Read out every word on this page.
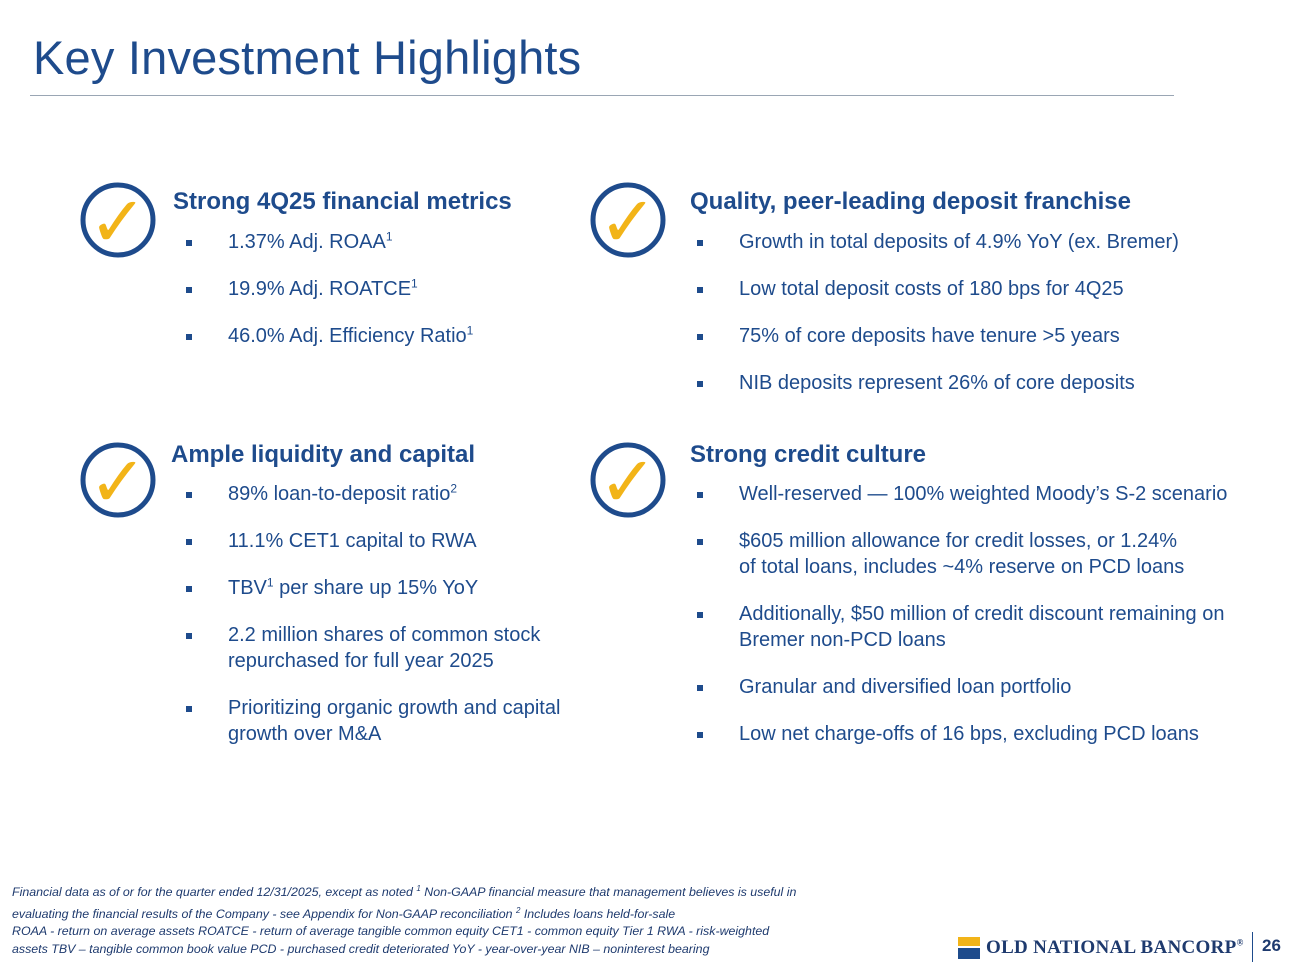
Key Investment Highlights
✓ Strong 4Q25 financial metrics
1.37% Adj. ROAA$^1$
19.9% Adj. ROATCE$^1$
46.0% Adj. Efficiency Ratio$^1$
✓ Quality, peer-leading deposit franchise
Growth in total deposits of 4.9% YoY (ex. Bremer)
Low total deposit costs of 180 bps for 4Q25
75% of core deposits have tenure >5 years
NIB deposits represent 26% of core deposits
✓ Ample liquidity and capital
89% loan-to-deposit ratio$^2$
11.1% CET1 capital to RWA
TBV$^1$ per share up 15% YoY
2.2 million shares of common stock
repurchased for full year 2025
Prioritizing organic growth and capital
growth over M&A
✓ Strong credit culture
Well-reserved — 100% weighted Moody’s S-2 scenario
$605 million allowance for credit losses, or 1.24%
of total loans, includes ~4% reserve on PCD loans
Additionally, $50 million of credit discount remaining on
Bremer non-PCD loans
Granular and diversified loan portfolio
Low net charge-offs of 16 bps, excluding PCD loans

Financial data as of or for the quarter ended 12/31/2025, except as noted $^1$ Non-GAAP financial measure that management believes is useful in

evaluating the financial results of the Company - see Appendix for Non-GAAP reconciliation $^2$ Includes loans held-for-sale

ROAA - return on average assets ROATCE - return of average tangible common equity CET1 - common equity Tier 1 RWA - risk-weighted

assets TBV – tangible common book value PCD - purchased credit deteriorated YoY - year-over-year NIB – noninterest bearing	OLD NATIONAL BANCORP® 26
